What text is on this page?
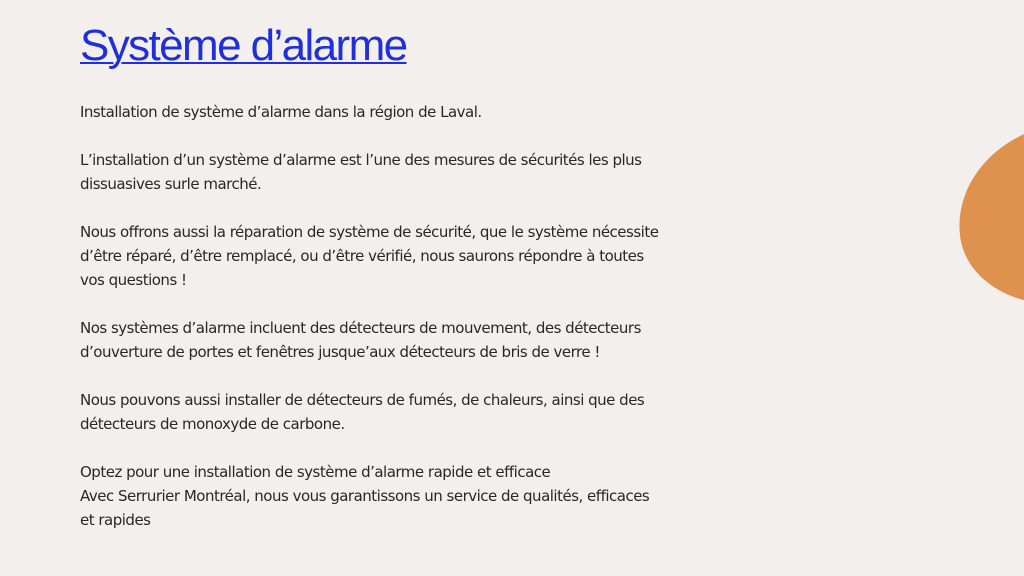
Système d’alarme

Installation de système d’alarme dans la région de Laval.

L’installation d’un système d’alarme est l’une des mesures de sécurités les plus
dissuasives surle marché.

Nous offrons aussi la réparation de système de sécurité, que le système nécessite
d’être réparé, d’être remplacé, ou d’être vérifié, nous saurons répondre à toutes
vos questions !

Nos systèmes d’alarme incluent des détecteurs de mouvement, des détecteurs
d’ouverture de portes et fenêtres jusque’aux détecteurs de bris de verre !

Nous pouvons aussi installer de détecteurs de fumés, de chaleurs, ainsi que des
détecteurs de monoxyde de carbone.

Optez pour une installation de système d’alarme rapide et efficace
Avec Serrurier Montréal, nous vous garantissons un service de qualités, efficaces
et rapides
